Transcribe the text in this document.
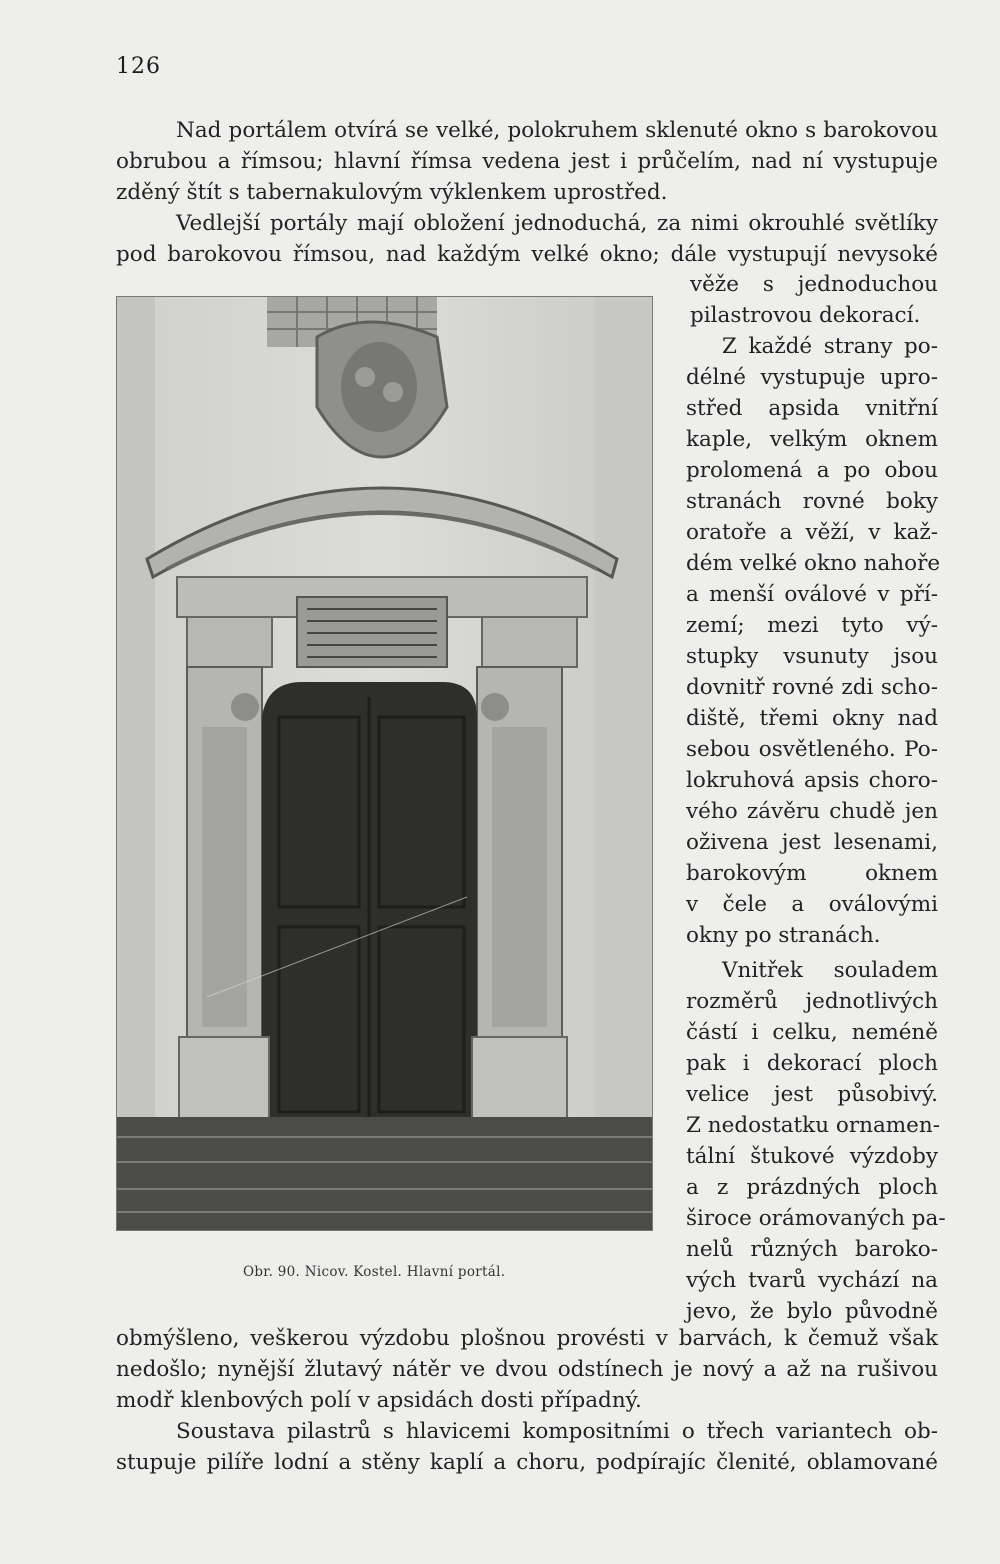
126
Nad portálem otvírá se velké, polokruhem sklenuté okno s barokovou
obrubou a římsou; hlavní římsa vedena jest i průčelím, nad ní vystupuje
zděný štít s tabernakulovým výklenkem uprostřed.
Vedlejší portály mají obložení jednoduchá, za nimi okrouhlé světlíky
pod barokovou římsou, nad každým velké okno; dále vystupují nevysoké
Obr. 90. Nicov. Kostel. Hlavní portál.
věže s jednoduchou
pilastrovou dekorací.
Z každé strany po-
délné vystupuje upro-
střed apsida vnitřní
kaple, velkým oknem
prolomená a po obou
stranách rovné boky
oratoře a věží, v kaž-
dém velké okno nahoře
a menší oválové v pří-
zemí; mezi tyto vý-
stupky vsunuty jsou
dovnitř rovné zdi scho-
diště, třemi okny nad
sebou osvětleného. Po-
lokruhová apsis choro-
vého závěru chudě jen
oživena jest lesenami,
barokovým oknem
v čele a oválovými
okny po stranách.
Vnitřek souladem
rozměrů jednotlivých
částí i celku, neméně
pak i dekorací ploch
velice jest působivý.
Z nedostatku ornamen-
tální štukové výzdoby
a z prázdných ploch
široce orámovaných pa-
nelů různých baroko-
vých tvarů vychází na
jevo, že bylo původně
obmýšleno, veškerou výzdobu plošnou provésti v barvách, k čemuž však
nedošlo; nynější žlutavý nátěr ve dvou odstínech je nový a až na rušivou
modř klenbových polí v apsidách dosti případný.
Soustava pilastrů s hlavicemi kompositními o třech variantech ob-
stupuje pilíře lodní a stěny kaplí a choru, podpírajíc členité, oblamované
